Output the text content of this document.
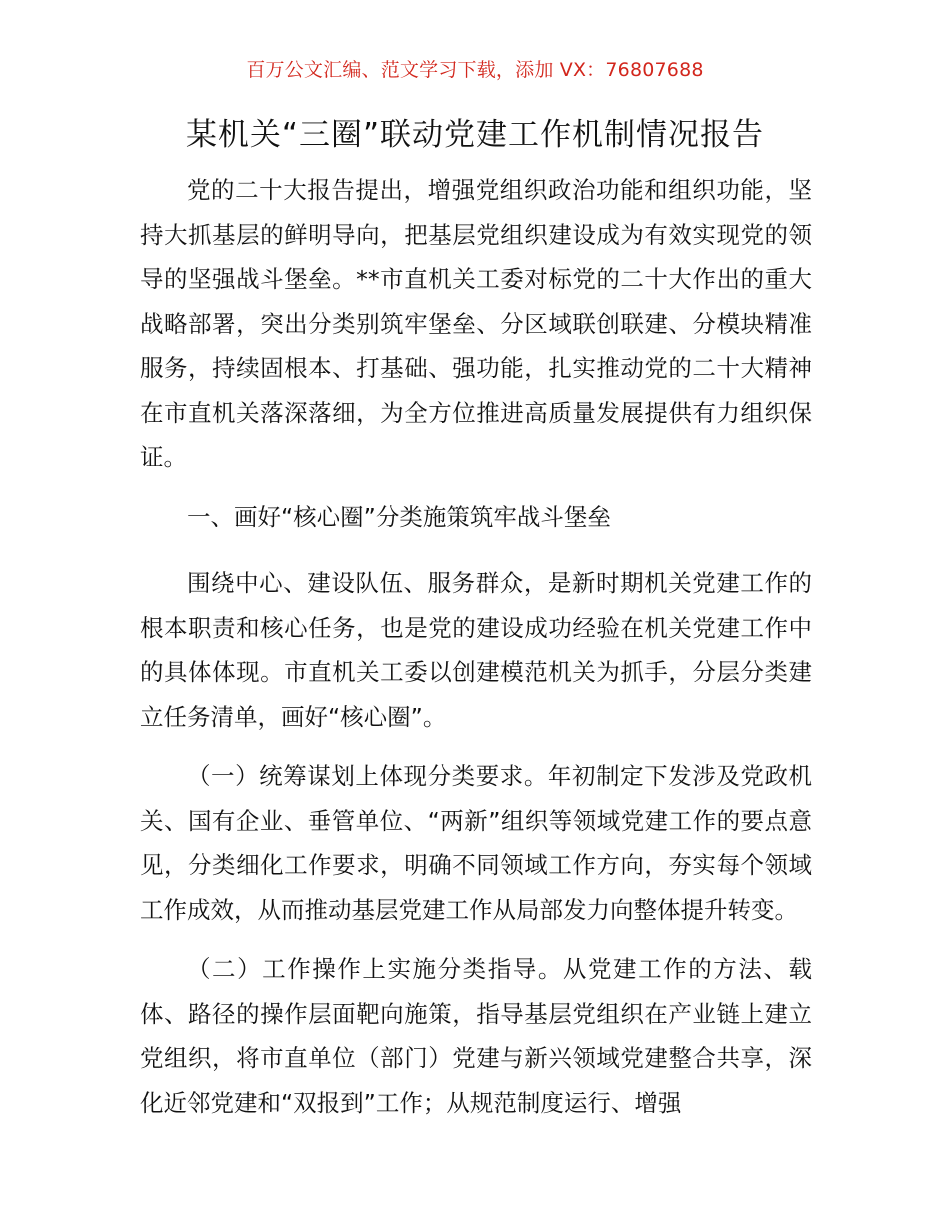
百万公文汇编、范文学习下载，添加 VX：76807688
某机关“三圈”联动党建工作机制情况报告

党的二十大报告提出，增强党组织政治功能和组织功能，坚持大抓基层的鲜明导向，把基层党组织建设成为有效实现党的领导的坚强战斗堡垒。**市直机关工委对标党的二十大作出的重大战略部署，突出分类别筑牢堡垒、分区域联创联建、分模块精准服务，持续固根本、打基础、强功能，扎实推动党的二十大精神在市直机关落深落细，为全方位推进高质量发展提供有力组织保证。

一、画好“核心圈”分类施策筑牢战斗堡垒

围绕中心、建设队伍、服务群众，是新时期机关党建工作的根本职责和核心任务，也是党的建设成功经验在机关党建工作中的具体体现。市直机关工委以创建模范机关为抓手，分层分类建立任务清单，画好“核心圈”。

（一）统筹谋划上体现分类要求。年初制定下发涉及党政机关、国有企业、垂管单位、“两新”组织等领域党建工作的要点意见，分类细化工作要求，明确不同领域工作方向，夯实每个领域工作成效，从而推动基层党建工作从局部发力向整体提升转变。

（二）工作操作上实施分类指导。从党建工作的方法、载体、路径的操作层面靶向施策，指导基层党组织在产业链上建立党组织，将市直单位（部门）党建与新兴领域党建整合共享，深化近邻党建和“双报到”工作；从规范制度运行、增强
